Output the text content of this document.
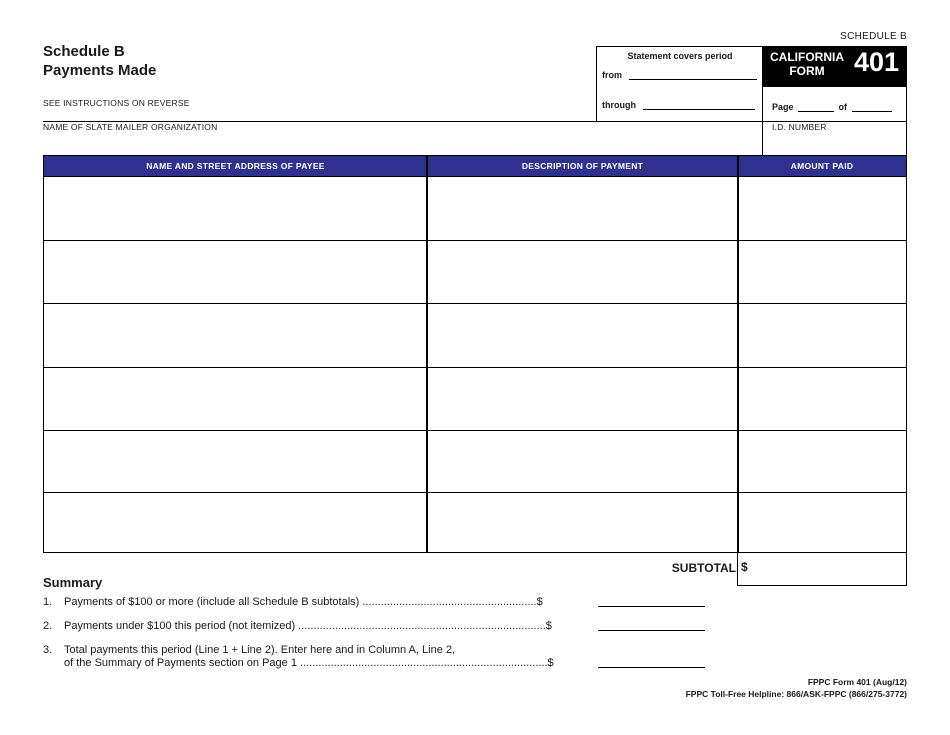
SCHEDULE B
Schedule B
Payments Made
SEE INSTRUCTIONS ON REVERSE
NAME OF SLATE MAILER ORGANIZATION
Statement covers period
from
through
CALIFORNIA
FORM	401
Page	of
I.D. NUMBER
NAME AND STREET ADDRESS OF PAYEE	DESCRIPTION OF PAYMENT	AMOUNT PAID
SUBTOTAL $
Summary
1. Payments of $100 or more (include all Schedule B subtotals) .........................................................$
2. Payments under $100 this period (not itemized) .................................................................................$
3. Total payments this period (Line 1 + Line 2). Enter here and in Column A, Line 2,
of the Summary of Payments section on Page 1 .................................................................................$
FPPC Form 401 (Aug/12)
FPPC Toll-Free Helpline: 866/ASK-FPPC (866/275-3772)
